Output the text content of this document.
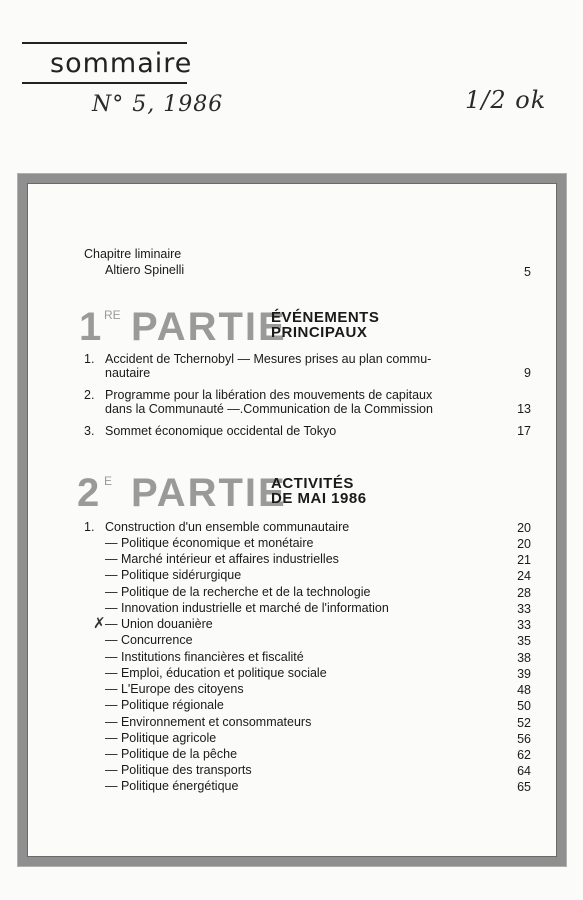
sommaire
N° 5, 1986	1/2 ok
Chapitre liminaire
Altiero Spinelli	5
1 RE PARTIE
ÉVÉNEMENTS
PRINCIPAUX
1. Accident de Tchernobyl — Mesures prises au plan commu-
nautaire	9
2. Programme pour la libération des mouvements de capitaux
dans la Communauté —.Communication de la Commission	13
3. Sommet économique occidental de Tokyo	17
2 E PARTIE
ACTIVITÉS
DE MAI 1986
1. Construction d'un ensemble communautaire	20
— Politique économique et monétaire	20
— Marché intérieur et affaires industrielles	21
— Politique sidérurgique	24
— Politique de la recherche et de la technologie	28
— Innovation industrielle et marché de l'information	33
✗ — Union douanière	33
— Concurrence	35
— Institutions financières et fiscalité	38
— Emploi, éducation et politique sociale	39
— L'Europe des citoyens	48
— Politique régionale	50
— Environnement et consommateurs	52
— Politique agricole	56
— Politique de la pêche	62
— Politique des transports	64
— Politique énergétique	65
